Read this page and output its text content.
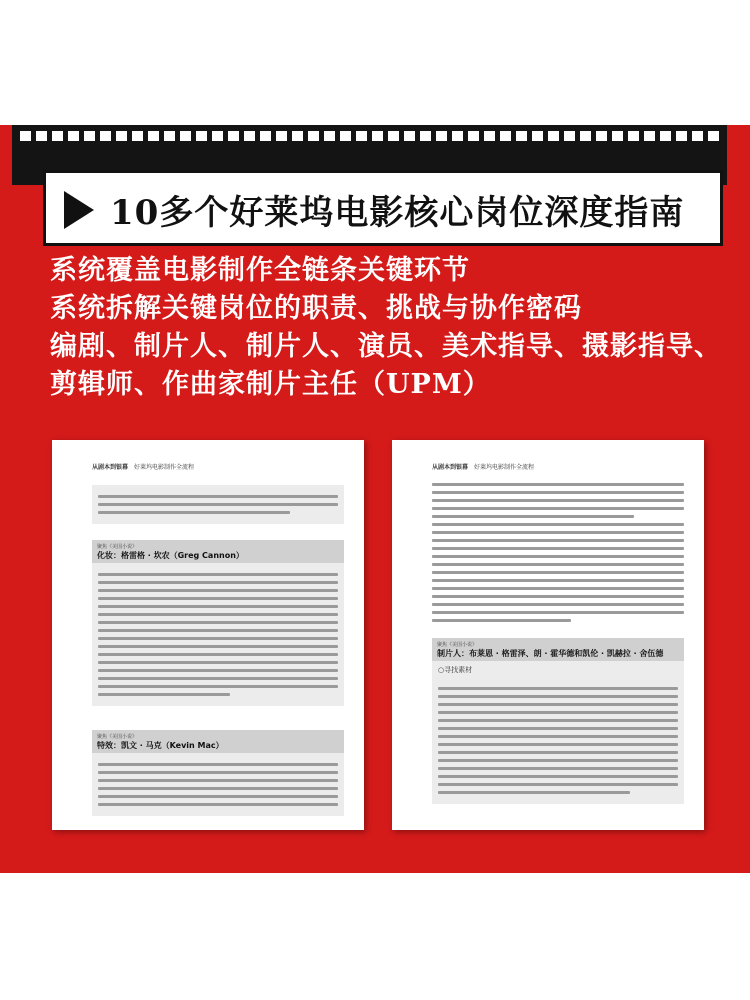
10多个好莱坞电影核心岗位深度指南
系统覆盖电影制作全链条关键环节
系统拆解关键岗位的职责、挑战与协作密码
编剧、制片人、制片人、演员、美术指导、摄影指导、
剪辑师、作曲家制片主任（UPM）
从剧本到银幕 好莱坞电影制作全流程
聚焦《美国小说》
化妆：格雷格 · 坎农（Greg Cannon）
聚焦《美国小说》
特效：凯文 · 马克（Kevin Mac）
从剧本到银幕 好莱坞电影制作全流程
聚焦《美国小说》
制片人：布莱恩 · 格雷泽、朗 · 霍华德和凯伦 · 凯赫拉 · 舍伍德
○寻找素材
